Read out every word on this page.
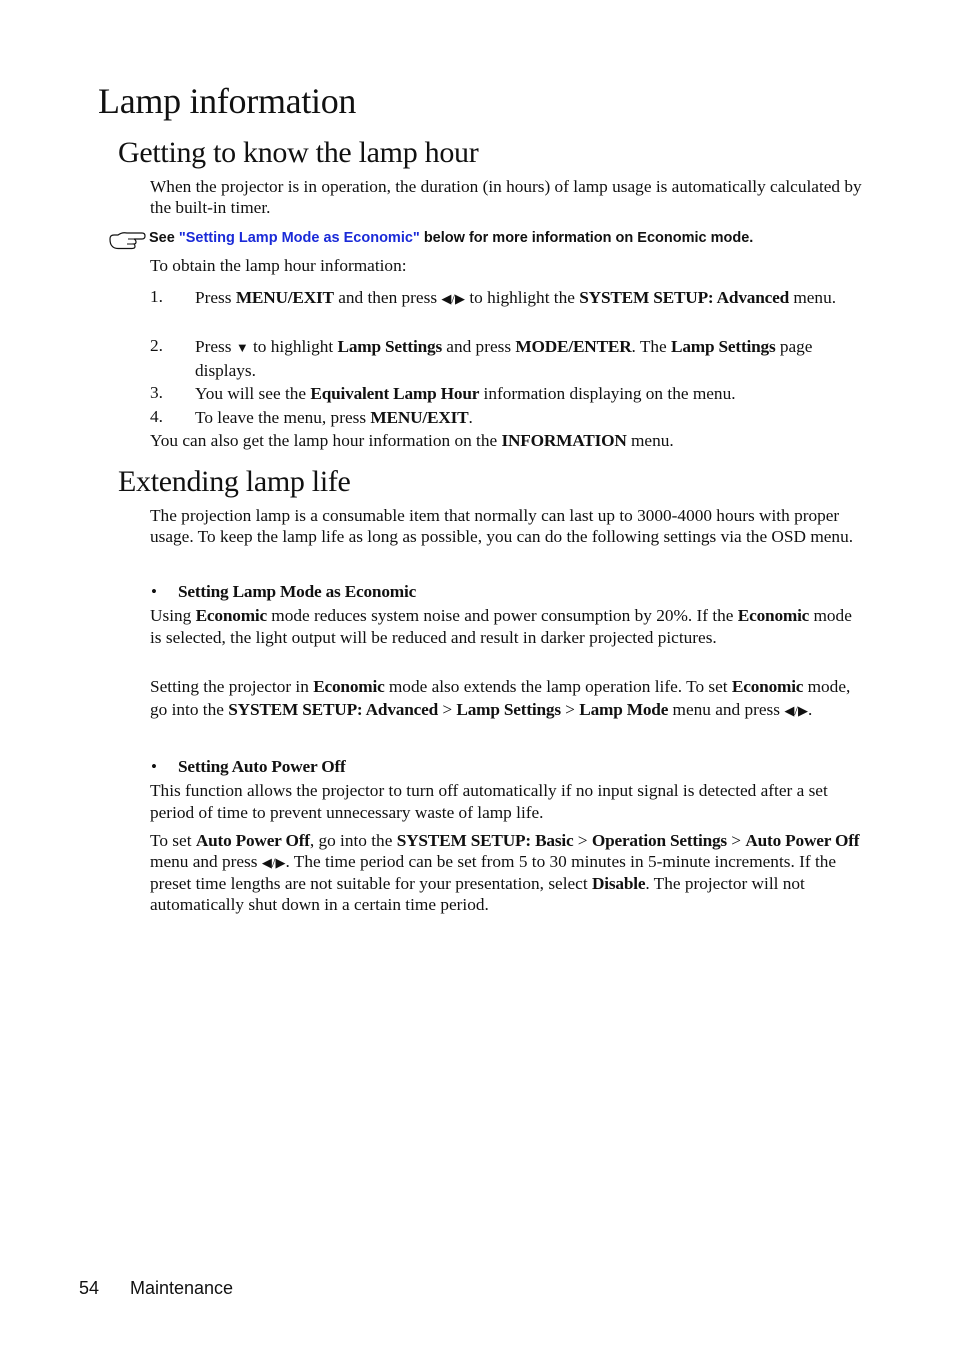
Lamp information
Getting to know the lamp hour
When the projector is in operation, the duration (in hours) of lamp usage is automatically calculated by the built-in timer.
See "Setting Lamp Mode as Economic" below for more information on Economic mode.
To obtain the lamp hour information:
1. Press MENU/EXIT and then press ◀/▶ to highlight the SYSTEM SETUP: Advanced menu.
2. Press ▼ to highlight Lamp Settings and press MODE/ENTER. The Lamp Settings page displays.
3. You will see the Equivalent Lamp Hour information displaying on the menu.
4. To leave the menu, press MENU/EXIT.
You can also get the lamp hour information on the INFORMATION menu.
Extending lamp life
The projection lamp is a consumable item that normally can last up to 3000-4000 hours with proper usage. To keep the lamp life as long as possible, you can do the following settings via the OSD menu.
• Setting Lamp Mode as Economic
Using Economic mode reduces system noise and power consumption by 20%. If the Economic mode is selected, the light output will be reduced and result in darker projected pictures.
Setting the projector in Economic mode also extends the lamp operation life. To set Economic mode, go into the SYSTEM SETUP: Advanced > Lamp Settings > Lamp Mode menu and press ◀/▶.
• Setting Auto Power Off
This function allows the projector to turn off automatically if no input signal is detected after a set period of time to prevent unnecessary waste of lamp life.
To set Auto Power Off, go into the SYSTEM SETUP: Basic > Operation Settings > Auto Power Off menu and press ◀/▶. The time period can be set from 5 to 30 minutes in 5-minute increments. If the preset time lengths are not suitable for your presentation, select Disable. The projector will not automatically shut down in a certain time period.
54 Maintenance
